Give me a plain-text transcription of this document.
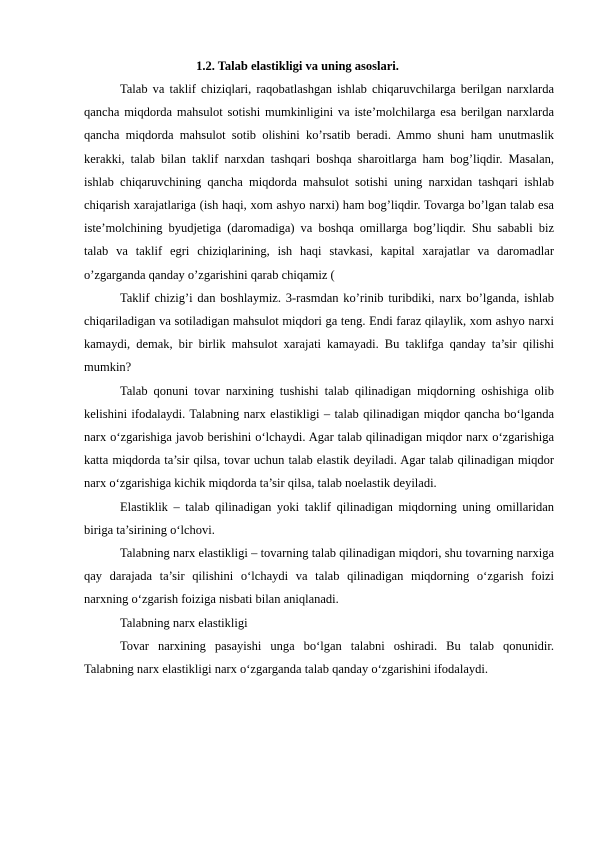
1.2. Talab elastikligi va uning asoslari.

Talab va taklif chiziqlari, raqobatlashgan ishlab chiqaruvchilarga berilgan narxlarda qancha miqdorda mahsulot sotishi mumkinligini va iste’molchilarga esa berilgan narxlarda qancha miqdorda mahsulot sotib olishini ko’rsatib beradi. Ammo shuni ham unutmaslik kerakki, talab bilan taklif narxdan tashqari boshqa sharoitlarga ham bog’liqdir. Masalan, ishlab chiqaruvchining qancha miqdorda mahsulot sotishi uning narxidan tashqari ishlab chiqarish xarajatlariga (ish haqi, xom ashyo narxi) ham bog’liqdir. Tovarga bo’lgan talab esa iste’molchining byudjetiga (daromadiga) va boshqa omillarga bog’liqdir. Shu sababli biz talab va taklif egri chiziqlarining, ish haqi stavkasi, kapital xarajatlar va daromadlar o’zgarganda qanday o’zgarishini qarab chiqamiz (

Taklif chizig’i dan boshlaymiz. 3-rasmdan ko’rinib turibdiki, narx bo’lganda, ishlab chiqariladigan va sotiladigan mahsulot miqdori ga teng. Endi faraz qilaylik, xom ashyo narxi kamaydi, demak, bir birlik mahsulot xarajati kamayadi. Bu taklifga qanday ta’sir qilishi mumkin?

Talab qonuni tovar narxining tushishi talab qilinadigan miqdorning oshishiga olib kelishini ifodalaydi. Talabning narx elastikligi – talab qilinadigan miqdor qancha bo‘lganda narx o‘zgarishiga javob berishini o‘lchaydi. Agar talab qilinadigan miqdor narx o‘zgarishiga katta miqdorda ta’sir qilsa, tovar uchun talab elastik deyiladi. Agar talab qilinadigan miqdor narx o‘zgarishiga kichik miqdorda ta’sir qilsa, talab noelastik deyiladi.

Elastiklik – talab qilinadigan yoki taklif qilinadigan miqdorning uning omillaridan biriga ta’sirining o‘lchovi.

Talabning narx elastikligi – tovarning talab qilinadigan miqdori, shu tovarning narxiga qay darajada ta’sir qilishini o‘lchaydi va talab qilinadigan miqdorning o‘zgarish foizi narxning o‘zgarish foiziga nisbati bilan aniqlanadi.

Talabning narx elastikligi

Tovar narxining pasayishi unga bo‘lgan talabni oshiradi. Bu talab qonunidir. Talabning narx elastikligi narx o‘zgarganda talab qanday o‘zgarishini ifodalaydi.
